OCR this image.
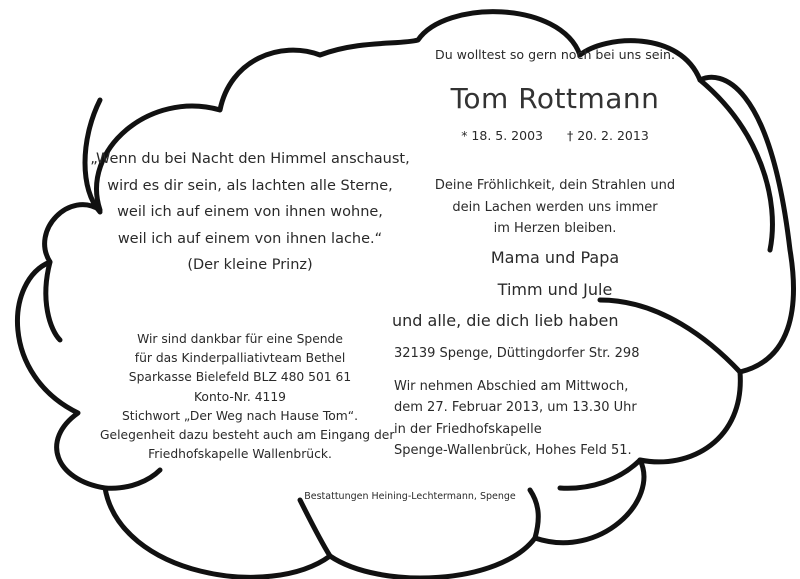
„Wenn du bei Nacht den Himmel anschaust,
wird es dir sein, als lachten alle Sterne,
weil ich auf einem von ihnen wohne,
weil ich auf einem von ihnen lache.“
(Der kleine Prinz)
Du wolltest so gern noch bei uns sein.
Tom Rottmann
* 18. 5. 2003 † 20. 2. 2013
Deine Fröhlichkeit, dein Strahlen und
dein Lachen werden uns immer
im Herzen bleiben.
Mama und Papa
Timm und Jule
und alle, die dich lieb haben
32139 Spenge, Düttingdorfer Str. 298
Wir nehmen Abschied am Mittwoch,
dem 27. Februar 2013, um 13.30 Uhr
in der Friedhofskapelle
Spenge-Wallenbrück, Hohes Feld 51.
Wir sind dankbar für eine Spende
für das Kinderpalliativteam Bethel
Sparkasse Bielefeld BLZ 480 501 61
Konto-Nr. 4119
Stichwort „Der Weg nach Hause Tom“.
Gelegenheit dazu besteht auch am Eingang der
Friedhofskapelle Wallenbrück.
Bestattungen Heining-Lechtermann, Spenge
